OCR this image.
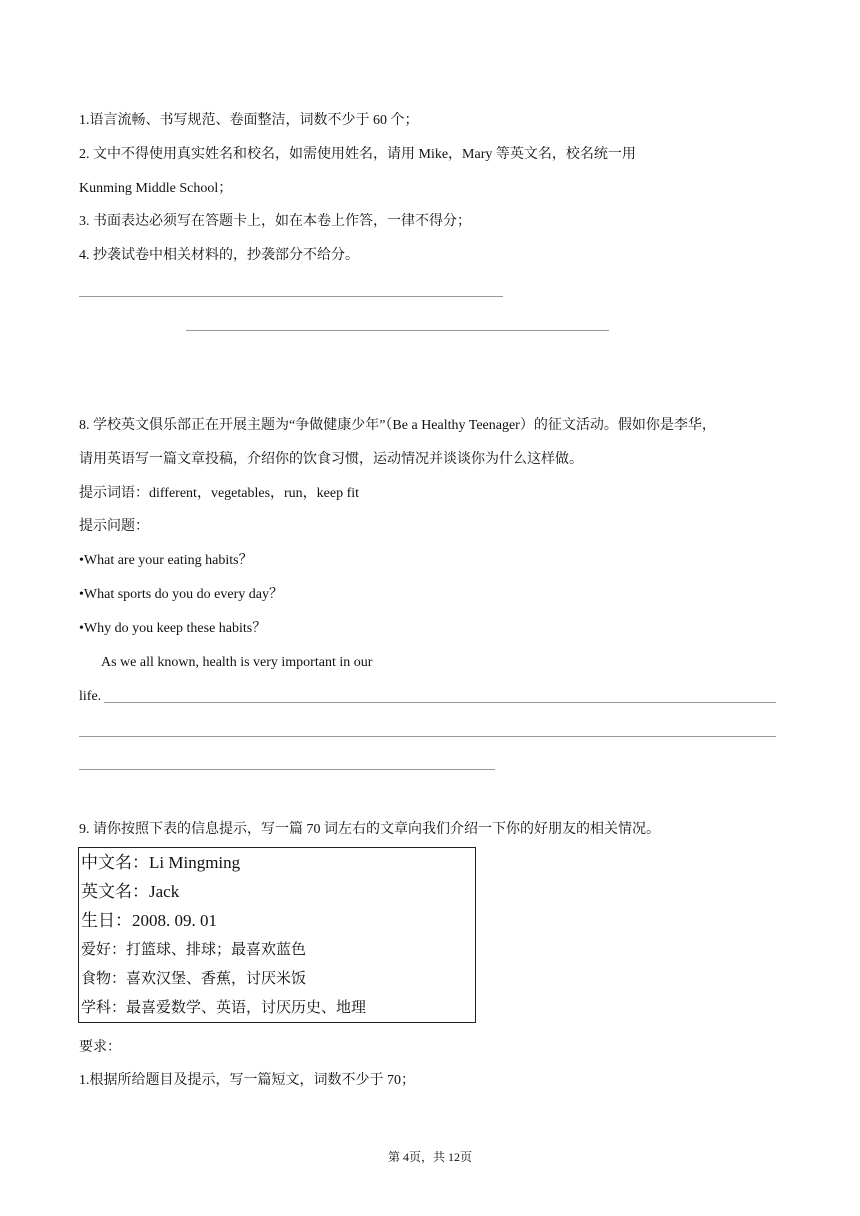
1.语言流畅、书写规范、卷面整洁，词数不少于 60 个；
2. 文中不得使用真实姓名和校名，如需使用姓名，请用 Mike，Mary 等英文名，校名统一用
Kunming Middle School；
3. 书面表达必须写在答题卡上，如在本卷上作答，一律不得分；
4. 抄袭试卷中相关材料的，抄袭部分不给分。
8. 学校英文俱乐部正在开展主题为“争做健康少年”（Be a Healthy Teenager）的征文活动。假如你是李华，
请用英语写一篇文章投稿，介绍你的饮食习惯，运动情况并谈谈你为什么这样做。
提示词语：different，vegetables，run，keep fit
提示问题：
•What are your eating habits？
•What sports do you do every day？
•Why do you keep these habits？
As we all known, health is very important in our
life.
9. 请你按照下表的信息提示，写一篇 70 词左右的文章向我们介绍一下你的好朋友的相关情况。
中文名：Li Mingming
英文名：Jack
生日：2008. 09. 01
爱好：打篮球、排球；最喜欢蓝色
食物：喜欢汉堡、香蕉，讨厌米饭
学科：最喜爱数学、英语，讨厌历史、地理
要求：
1.根据所给题目及提示，写一篇短文，词数不少于 70；
第 4页，共 12页
